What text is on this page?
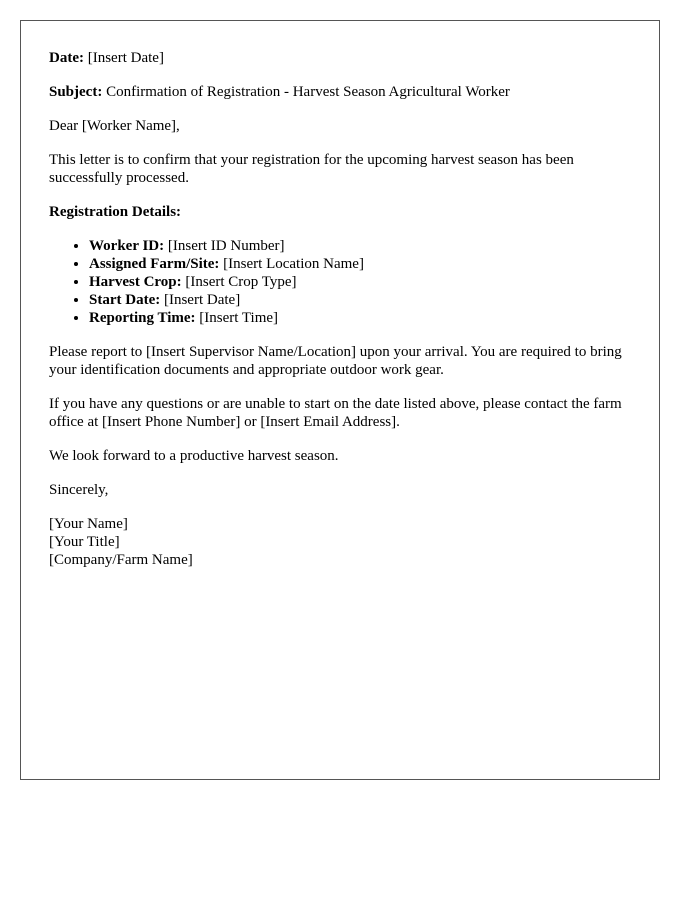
Date: [Insert Date]

Subject: Confirmation of Registration - Harvest Season Agricultural Worker

Dear [Worker Name],

This letter is to confirm that your registration for the upcoming harvest season has been successfully processed.

Registration Details:

• Worker ID: [Insert ID Number]
• Assigned Farm/Site: [Insert Location Name]
• Harvest Crop: [Insert Crop Type]
• Start Date: [Insert Date]
• Reporting Time: [Insert Time]

Please report to [Insert Supervisor Name/Location] upon your arrival. You are required to bring your identification documents and appropriate outdoor work gear.

If you have any questions or are unable to start on the date listed above, please contact the farm office at [Insert Phone Number] or [Insert Email Address].

We look forward to a productive harvest season.

Sincerely,

[Your Name]
[Your Title]
[Company/Farm Name]
